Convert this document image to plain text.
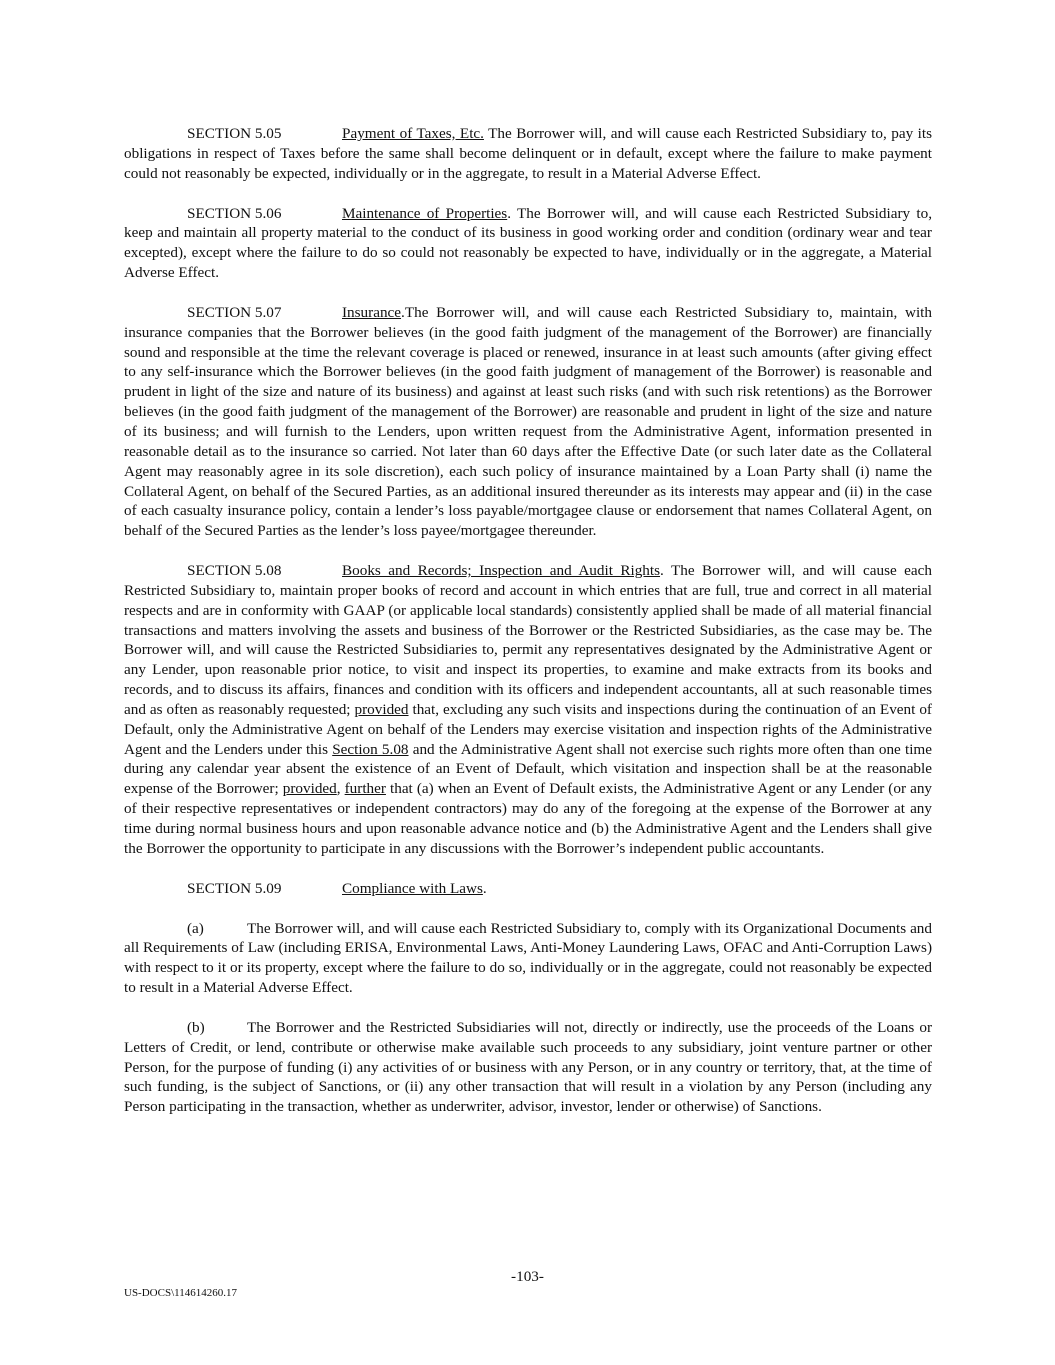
SECTION 5.05	Payment of Taxes, Etc. The Borrower will, and will cause each Restricted Subsidiary to, pay its obligations in respect of Taxes before the same shall become delinquent or in default, except where the failure to make payment could not reasonably be expected, individually or in the aggregate, to result in a Material Adverse Effect.

SECTION 5.06	Maintenance of Properties. The Borrower will, and will cause each Restricted Subsidiary to, keep and maintain all property material to the conduct of its business in good working order and condition (ordinary wear and tear excepted), except where the failure to do so could not reasonably be expected to have, individually or in the aggregate, a Material Adverse Effect.

SECTION 5.07	Insurance.The Borrower will, and will cause each Restricted Subsidiary to, maintain, with insurance companies that the Borrower believes (in the good faith judgment of the management of the Borrower) are financially sound and responsible at the time the relevant coverage is placed or renewed, insurance in at least such amounts (after giving effect to any self-insurance which the Borrower believes (in the good faith judgment of management of the Borrower) is reasonable and prudent in light of the size and nature of its business) and against at least such risks (and with such risk retentions) as the Borrower believes (in the good faith judgment of the management of the Borrower) are reasonable and prudent in light of the size and nature of its business; and will furnish to the Lenders, upon written request from the Administrative Agent, information presented in reasonable detail as to the insurance so carried. Not later than 60 days after the Effective Date (or such later date as the Collateral Agent may reasonably agree in its sole discretion), each such policy of insurance maintained by a Loan Party shall (i) name the Collateral Agent, on behalf of the Secured Parties, as an additional insured thereunder as its interests may appear and (ii) in the case of each casualty insurance policy, contain a lender’s loss payable/mortgagee clause or endorsement that names Collateral Agent, on behalf of the Secured Parties as the lender’s loss payee/mortgagee thereunder.

SECTION 5.08	Books and Records; Inspection and Audit Rights. The Borrower will, and will cause each Restricted Subsidiary to, maintain proper books of record and account in which entries that are full, true and correct in all material respects and are in conformity with GAAP (or applicable local standards) consistently applied shall be made of all material financial transactions and matters involving the assets and business of the Borrower or the Restricted Subsidiaries, as the case may be. The Borrower will, and will cause the Restricted Subsidiaries to, permit any representatives designated by the Administrative Agent or any Lender, upon reasonable prior notice, to visit and inspect its properties, to examine and make extracts from its books and records, and to discuss its affairs, finances and condition with its officers and independent accountants, all at such reasonable times and as often as reasonably requested; provided that, excluding any such visits and inspections during the continuation of an Event of Default, only the Administrative Agent on behalf of the Lenders may exercise visitation and inspection rights of the Administrative Agent and the Lenders under this Section 5.08 and the Administrative Agent shall not exercise such rights more often than one time during any calendar year absent the existence of an Event of Default, which visitation and inspection shall be at the reasonable expense of the Borrower; provided, further that (a) when an Event of Default exists, the Administrative Agent or any Lender (or any of their respective representatives or independent contractors) may do any of the foregoing at the expense of the Borrower at any time during normal business hours and upon reasonable advance notice and (b) the Administrative Agent and the Lenders shall give the Borrower the opportunity to participate in any discussions with the Borrower’s independent public accountants.

SECTION 5.09	Compliance with Laws.

(a)	The Borrower will, and will cause each Restricted Subsidiary to, comply with its Organizational Documents and all Requirements of Law (including ERISA, Environmental Laws, Anti-Money Laundering Laws, OFAC and Anti-Corruption Laws) with respect to it or its property, except where the failure to do so, individually or in the aggregate, could not reasonably be expected to result in a Material Adverse Effect.

(b)	The Borrower and the Restricted Subsidiaries will not, directly or indirectly, use the proceeds of the Loans or Letters of Credit, or lend, contribute or otherwise make available such proceeds to any subsidiary, joint venture partner or other Person, for the purpose of funding (i) any activities of or business with any Person, or in any country or territory, that, at the time of such funding, is the subject of Sanctions, or (ii) any other transaction that will result in a violation by any Person (including any Person participating in the transaction, whether as underwriter, advisor, investor, lender or otherwise) of Sanctions.

-103-
US-DOCS\114614260.17
